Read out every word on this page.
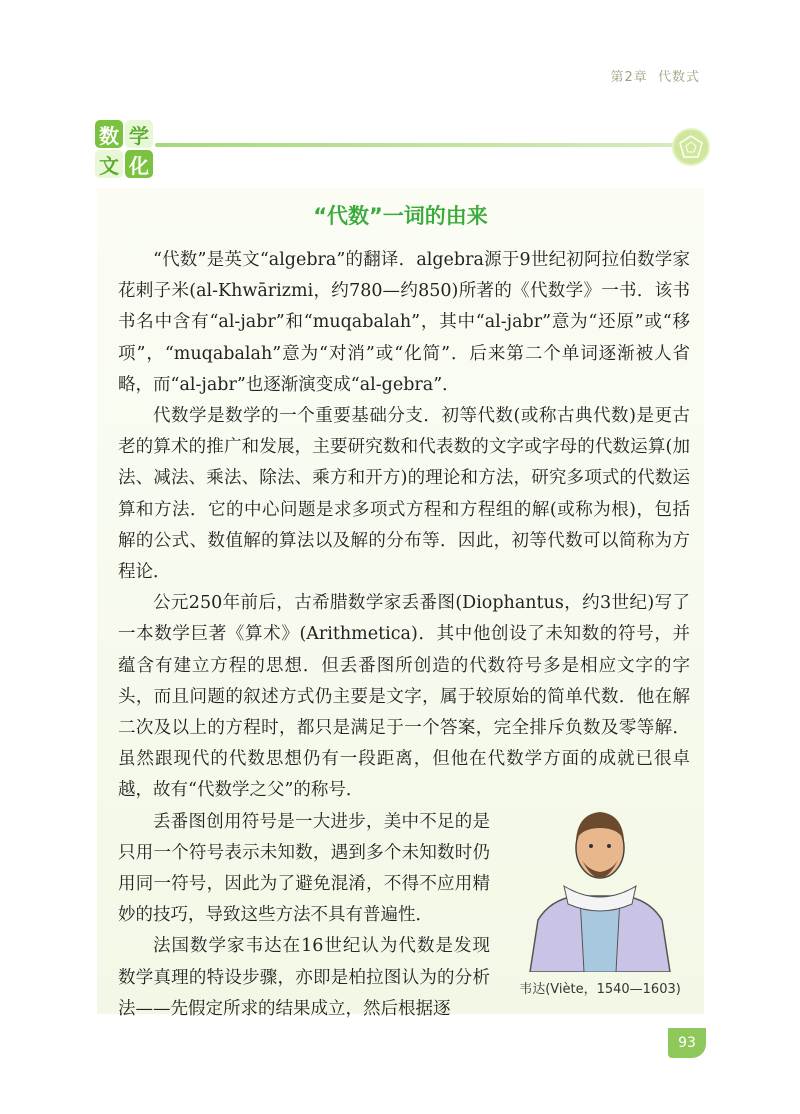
第2章 代数式
数 学
文 化
“代数”一词的由来

“代数”是英文“algebra”的翻译．algebra源于9世纪初阿拉伯数学家花剌子米(al-Khwārizmi，约780—约850)所著的《代数学》一书．该书书名中含有“al-jabr”和“muqabalah”，其中“al-jabr”意为“还原”或“移项”，“muqabalah”意为“对消”或“化简”．后来第二个单词逐渐被人省略，而“al-jabr”也逐渐演变成“al-gebra”．

代数学是数学的一个重要基础分支．初等代数(或称古典代数)是更古老的算术的推广和发展，主要研究数和代表数的文字或字母的代数运算(加法、减法、乘法、除法、乘方和开方)的理论和方法，研究多项式的代数运算和方法．它的中心问题是求多项式方程和方程组的解(或称为根)，包括解的公式、数值解的算法以及解的分布等．因此，初等代数可以简称为方程论．

公元250年前后，古希腊数学家丢番图(Diophantus，约3世纪)写了一本数学巨著《算术》(Arithmetica)．其中他创设了未知数的符号，并蕴含有建立方程的思想．但丢番图所创造的代数符号多是相应文字的字头，而且问题的叙述方式仍主要是文字，属于较原始的简单代数．他在解二次及以上的方程时，都只是满足于一个答案，完全排斥负数及零等解．虽然跟现代的代数思想仍有一段距离，但他在代数学方面的成就已很卓越，故有“代数学之父”的称号．

丢番图创用符号是一大进步，美中不足的是只用一个符号表示未知数，遇到多个未知数时仍用同一符号，因此为了避免混淆，不得不应用精妙的技巧，导致这些方法不具有普遍性．

法国数学家韦达在16世纪认为代数是发现数学真理的特设步骤，亦即是柏拉图认为的分析法——先假定所求的结果成立，然后根据逐

韦达(Viète，1540—1603)
93
